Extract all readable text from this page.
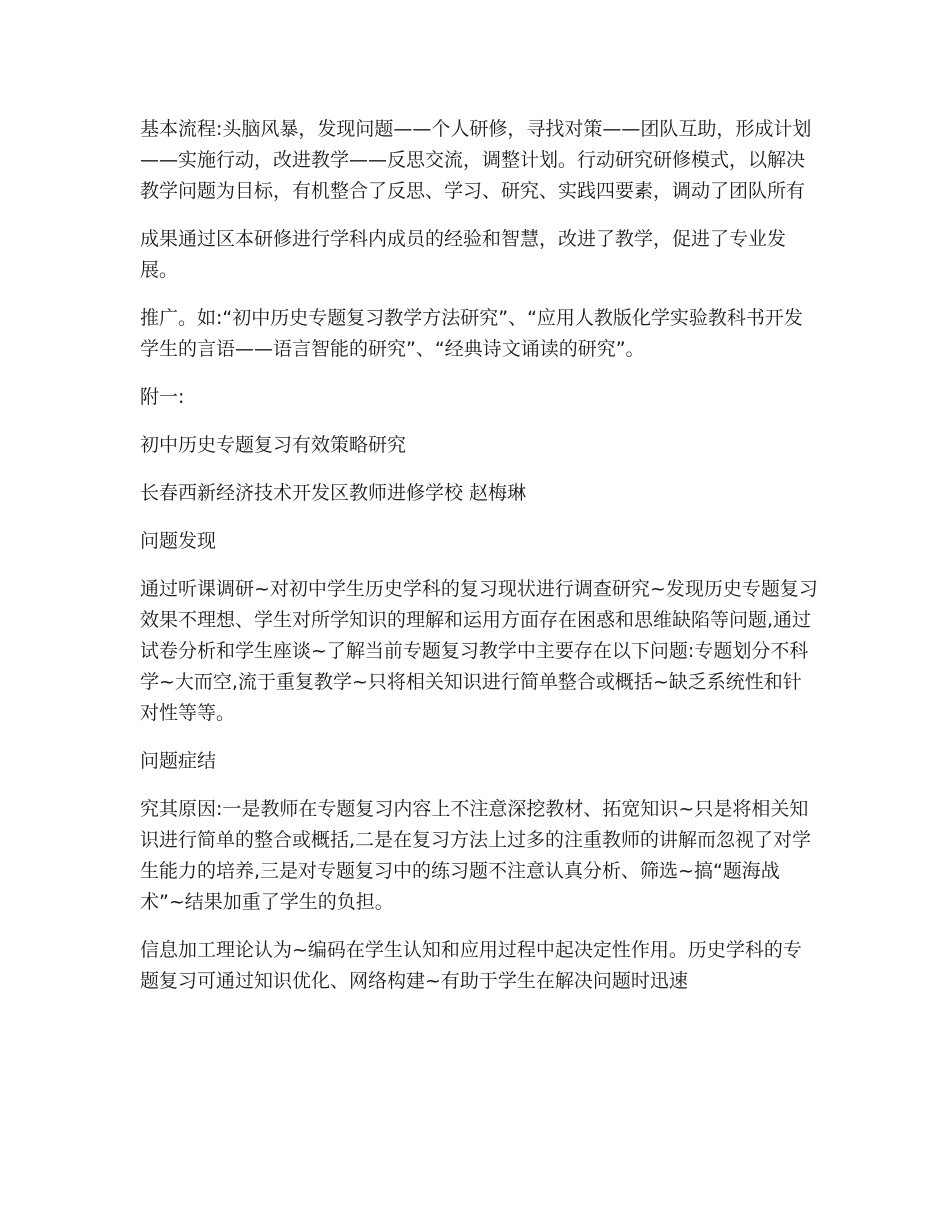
基本流程:头脑风暴，发现问题——个人研修，寻找对策——团队互助，形成计划——实施行动，改进教学——反思交流，调整计划。行动研究研修模式，以解决教学问题为目标，有机整合了反思、学习、研究、实践四要素，调动了团队所有

成果通过区本研修进行学科内成员的经验和智慧，改进了教学，促进了专业发展。

推广。如:“初中历史专题复习教学方法研究”、“应用人教版化学实验教科书开发学生的言语——语言智能的研究”、“经典诗文诵读的研究”。

附一:

初中历史专题复习有效策略研究

长春西新经济技术开发区教师进修学校 赵梅琳

问题发现

通过听课调研~对初中学生历史学科的复习现状进行调查研究~发现历史专题复习效果不理想、学生对所学知识的理解和运用方面存在困惑和思维缺陷等问题,通过试卷分析和学生座谈~了解当前专题复习教学中主要存在以下问题:专题划分不科学~大而空,流于重复教学~只将相关知识进行简单整合或概括~缺乏系统性和针对性等等。

问题症结

究其原因:一是教师在专题复习内容上不注意深挖教材、拓宽知识~只是将相关知识进行简单的整合或概括,二是在复习方法上过多的注重教师的讲解而忽视了对学生能力的培养,三是对专题复习中的练习题不注意认真分析、筛选~搞“题海战术”~结果加重了学生的负担。

信息加工理论认为~编码在学生认知和应用过程中起决定性作用。历史学科的专题复习可通过知识优化、网络构建~有助于学生在解决问题时迅速
